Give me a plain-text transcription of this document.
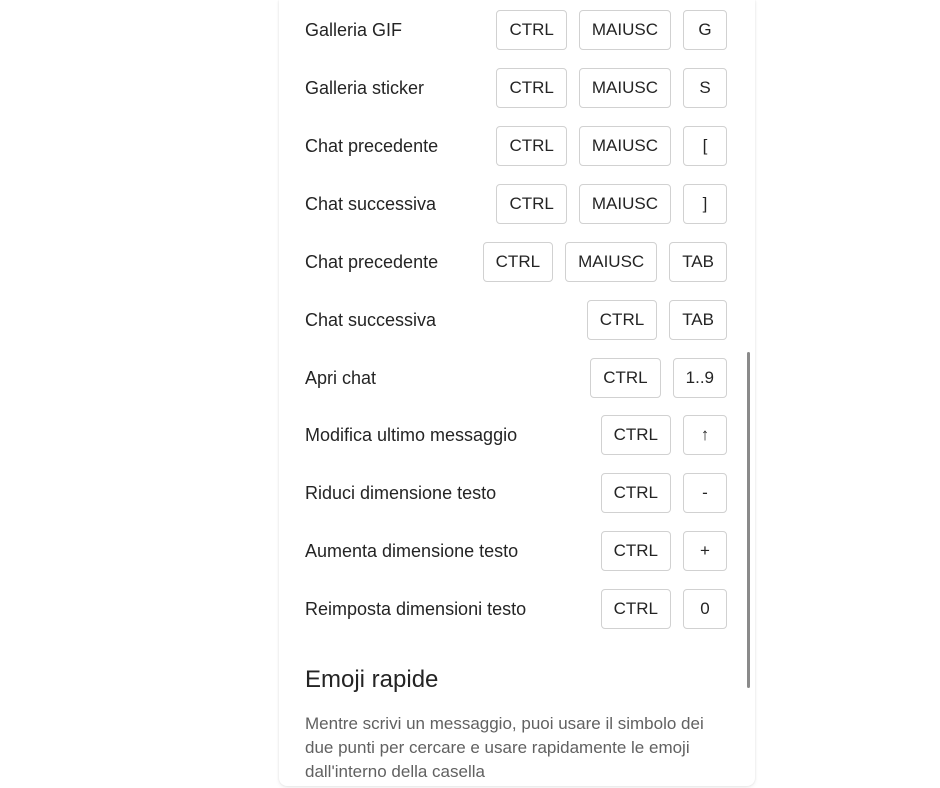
Galleria GIF	CTRL	MAIUSC	G
Galleria sticker	CTRL	MAIUSC	S
Chat precedente	CTRL	MAIUSC	[
Chat successiva	CTRL	MAIUSC	]
Chat precedente	CTRL	MAIUSC	TAB
Chat successiva	CTRL	TAB
Apri chat	CTRL	1..9
Modifica ultimo messaggio	CTRL	↑
Riduci dimensione testo	CTRL	-
Aumenta dimensione testo	CTRL	+
Reimposta dimensioni testo	CTRL	0
Emoji rapide
Mentre scrivi un messaggio, puoi usare il simbolo dei due punti per cercare e usare rapidamente le emoji dall'interno della casella
